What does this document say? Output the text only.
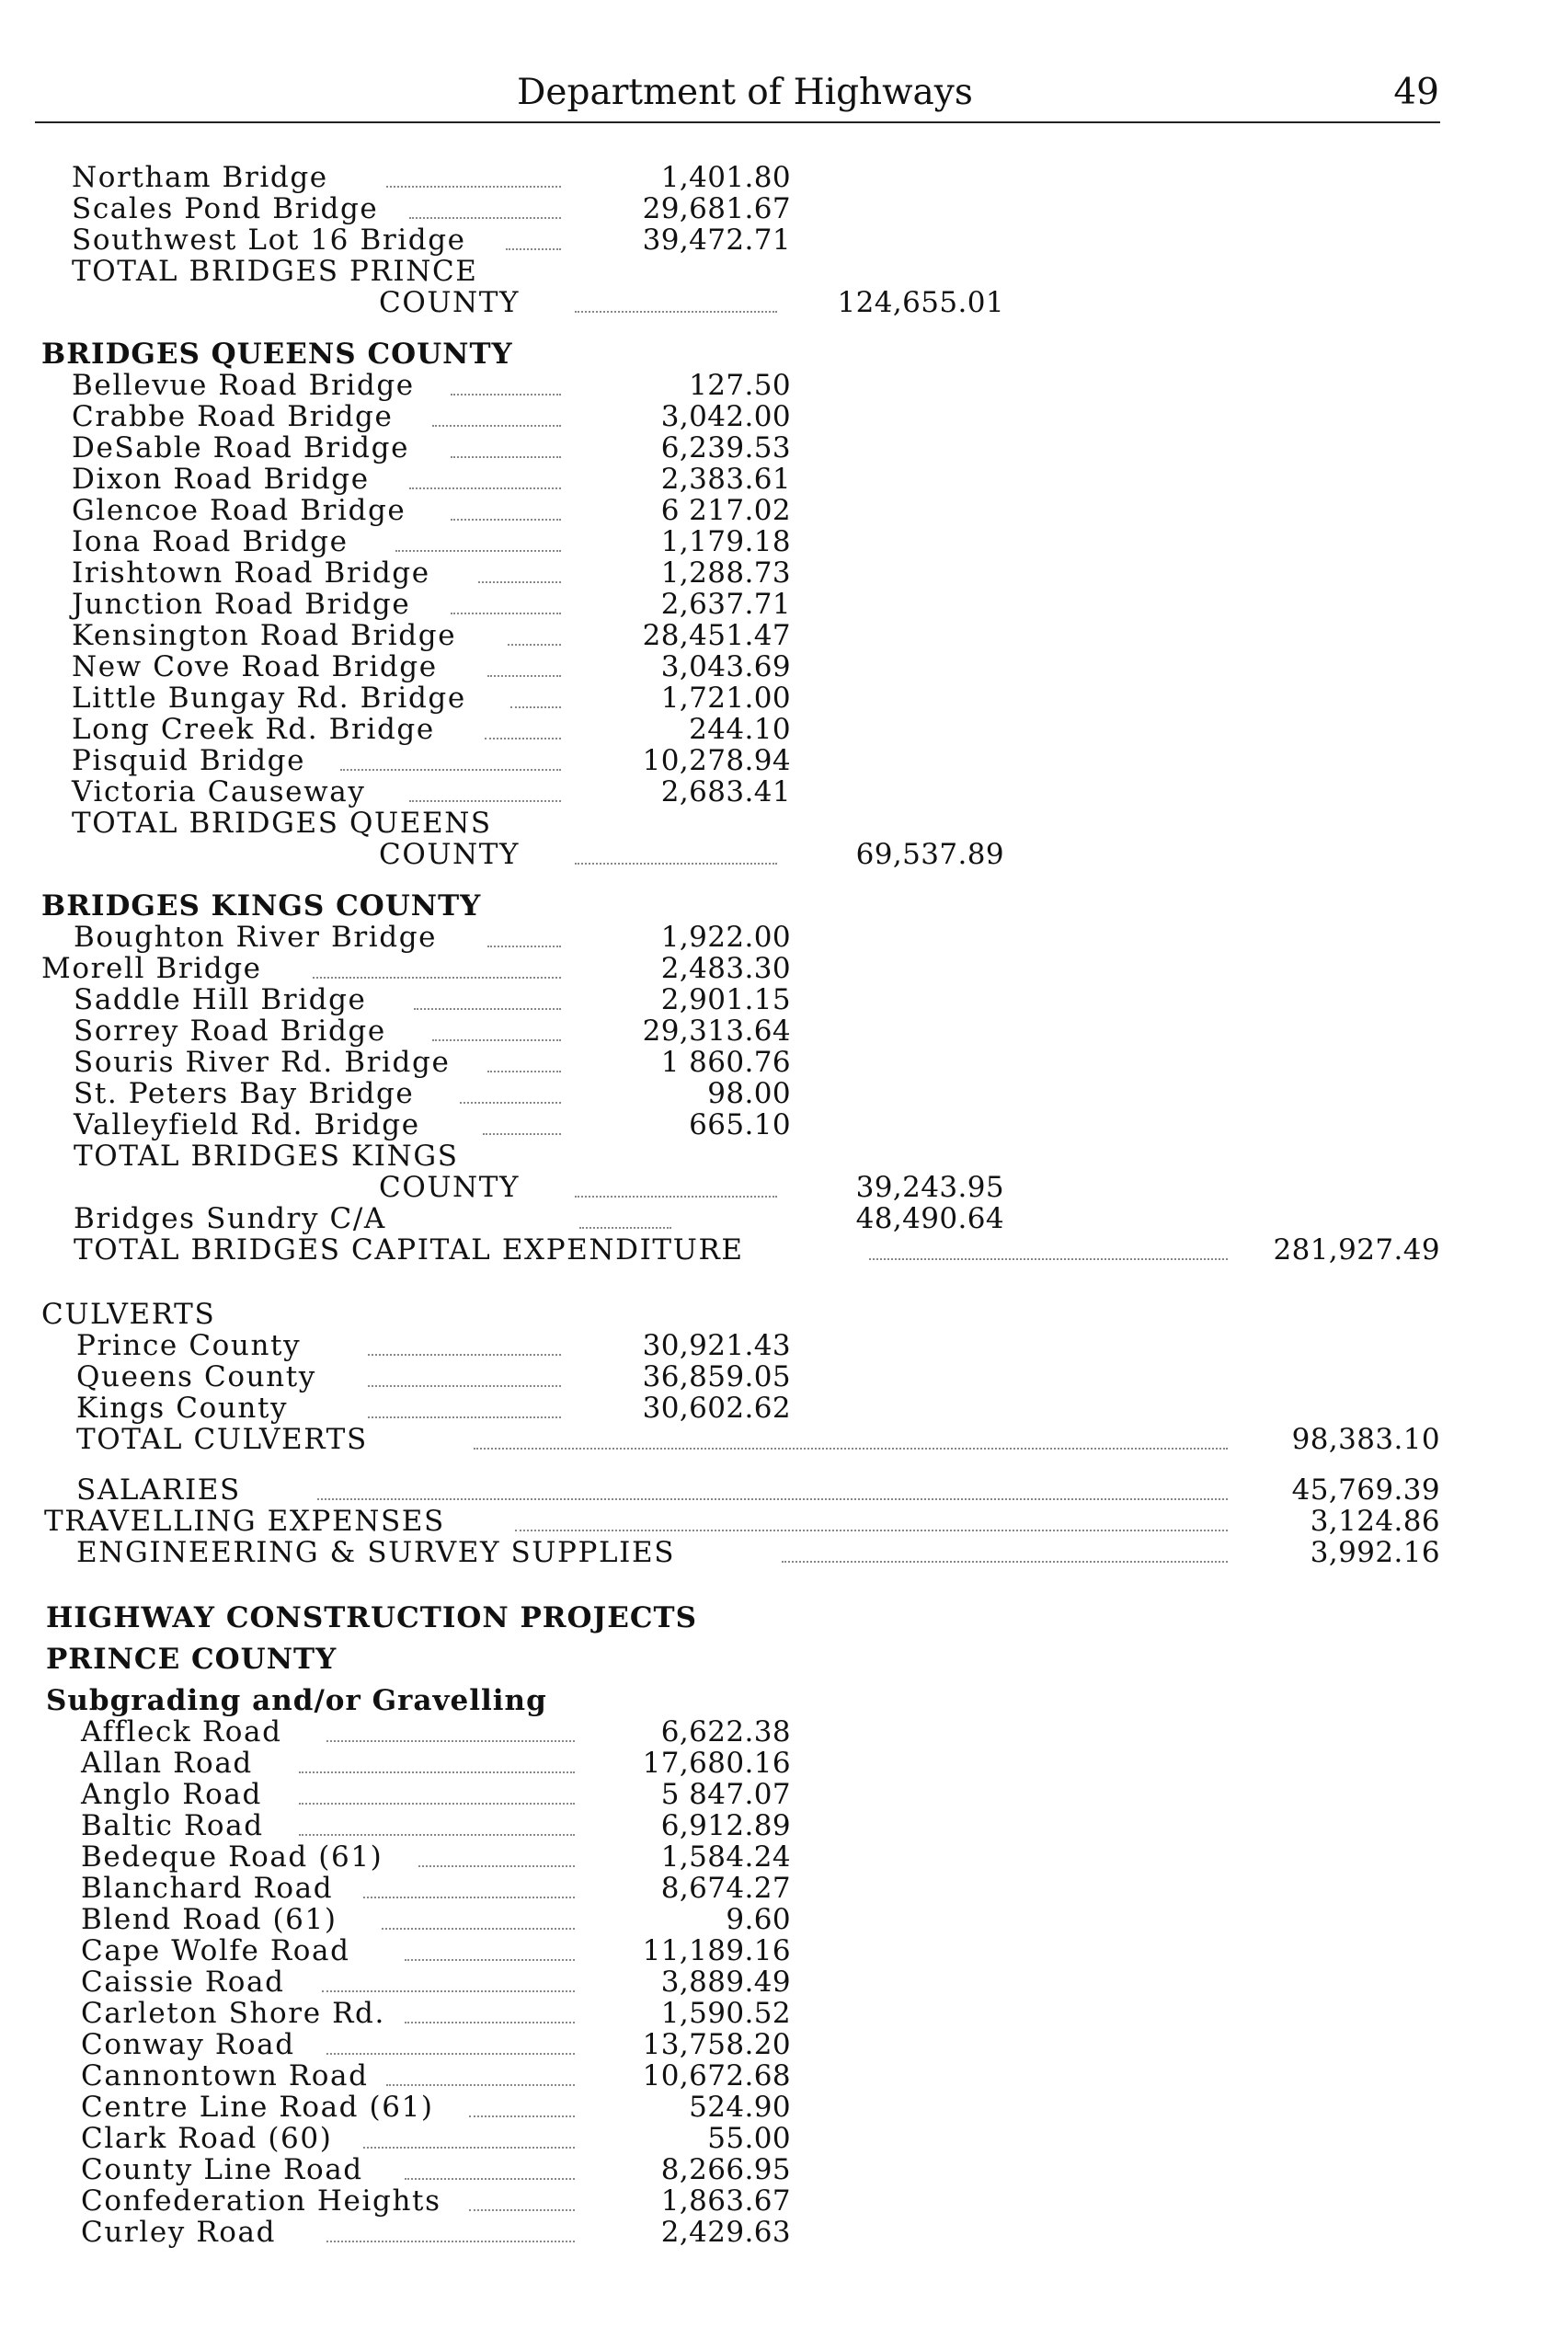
Department of Highways	49
Northam Bridge	1,401.80
Scales Pond Bridge	29,681.67
Southwest Lot 16 Bridge	39,472.71
TOTAL BRIDGES PRINCE
COUNTY	124,655.01
BRIDGES QUEENS COUNTY
Bellevue Road Bridge	127.50
Crabbe Road Bridge	3,042.00
DeSable Road Bridge	6,239.53
Dixon Road Bridge	2,383.61
Glencoe Road Bridge	6 217.02
Iona Road Bridge	1,179.18
Irishtown Road Bridge	1,288.73
Junction Road Bridge	2,637.71
Kensington Road Bridge	28,451.47
New Cove Road Bridge	3,043.69
Little Bungay Rd. Bridge	1,721.00
Long Creek Rd. Bridge	244.10
Pisquid Bridge	10,278.94
Victoria Causeway	2,683.41
TOTAL BRIDGES QUEENS
COUNTY	69,537.89
BRIDGES KINGS COUNTY
Boughton River Bridge	1,922.00
Morell Bridge	2,483.30
Saddle Hill Bridge	2,901.15
Sorrey Road Bridge	29,313.64
Souris River Rd. Bridge	1 860.76
St. Peters Bay Bridge	98.00
Valleyfield Rd. Bridge	665.10
TOTAL BRIDGES KINGS
COUNTY	39,243.95
Bridges Sundry C/A	48,490.64
TOTAL BRIDGES CAPITAL EXPENDITURE	281,927.49
CULVERTS
Prince County	30,921.43
Queens County	36,859.05
Kings County	30,602.62
TOTAL CULVERTS	98,383.10
SALARIES	45,769.39
TRAVELLING EXPENSES	3,124.86
ENGINEERING & SURVEY SUPPLIES	3,992.16
HIGHWAY CONSTRUCTION PROJECTS
PRINCE COUNTY
Subgrading and/or Gravelling
Affleck Road	6,622.38
Allan Road	17,680.16
Anglo Road	5 847.07
Baltic Road	6,912.89
Bedeque Road (61)	1,584.24
Blanchard Road	8,674.27
Blend Road (61)	9.60
Cape Wolfe Road	11,189.16
Caissie Road	3,889.49
Carleton Shore Rd.	1,590.52
Conway Road	13,758.20
Cannontown Road	10,672.68
Centre Line Road (61)	524.90
Clark Road (60)	55.00
County Line Road	8,266.95
Confederation Heights	1,863.67
Curley Road	2,429.63
